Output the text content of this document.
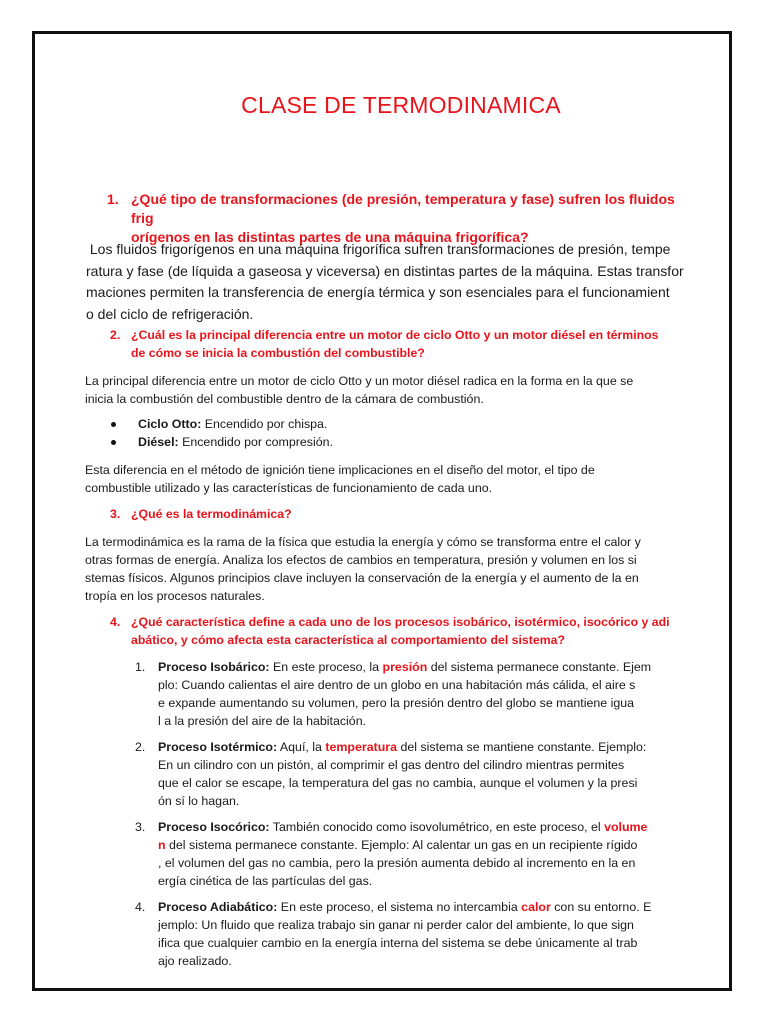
CLASE DE TERMODINAMICA
1. ¿Qué tipo de transformaciones (de presión, temperatura y fase) sufren los fluidos frig
orígenos en las distintas partes de una máquina frigorífica?
Los fluidos frigorígenos en una máquina frigorífica sufren transformaciones de presión, tempe
ratura y fase (de líquida a gaseosa y viceversa) en distintas partes de la máquina. Estas transfor
maciones permiten la transferencia de energía térmica y son esenciales para el funcionamient
o del ciclo de refrigeración.
2. ¿Cuál es la principal diferencia entre un motor de ciclo Otto y un motor diésel en términos
de cómo se inicia la combustión del combustible?
La principal diferencia entre un motor de ciclo Otto y un motor diésel radica en la forma en la que se
inicia la combustión del combustible dentro de la cámara de combustión.
Ciclo Otto: Encendido por chispa.
Diésel: Encendido por compresión.
Esta diferencia en el método de ignición tiene implicaciones en el diseño del motor, el tipo de
combustible utilizado y las características de funcionamiento de cada uno.
3. ¿Qué es la termodinámica?
La termodinámica es la rama de la física que estudia la energía y cómo se transforma entre el calor y
otras formas de energía. Analiza los efectos de cambios en temperatura, presión y volumen en los si
stemas físicos. Algunos principios clave incluyen la conservación de la energía y el aumento de la en
tropía en los procesos naturales.
4. ¿Qué característica define a cada uno de los procesos isobárico, isotérmico, isocórico y adi
abático, y cómo afecta esta característica al comportamiento del sistema?
1. Proceso Isobárico: En este proceso, la presión del sistema permanece constante. Ejem
plo: Cuando calientas el aire dentro de un globo en una habitación más cálida, el aire s
e expande aumentando su volumen, pero la presión dentro del globo se mantiene igua
l a la presión del aire de la habitación.
2. Proceso Isotérmico: Aquí, la temperatura del sistema se mantiene constante. Ejemplo:
En un cilindro con un pistón, al comprimir el gas dentro del cilindro mientras permites
que el calor se escape, la temperatura del gas no cambia, aunque el volumen y la presi
ón sí lo hagan.
3. Proceso Isocórico: También conocido como isovolumétrico, en este proceso, el volume
n del sistema permanece constante. Ejemplo: Al calentar un gas en un recipiente rígido
, el volumen del gas no cambia, pero la presión aumenta debido al incremento en la en
ergía cinética de las partículas del gas.
4. Proceso Adiabático: En este proceso, el sistema no intercambia calor con su entorno. E
jemplo: Un fluido que realiza trabajo sin ganar ni perder calor del ambiente, lo que sign
ifica que cualquier cambio en la energía interna del sistema se debe únicamente al trab
ajo realizado.
